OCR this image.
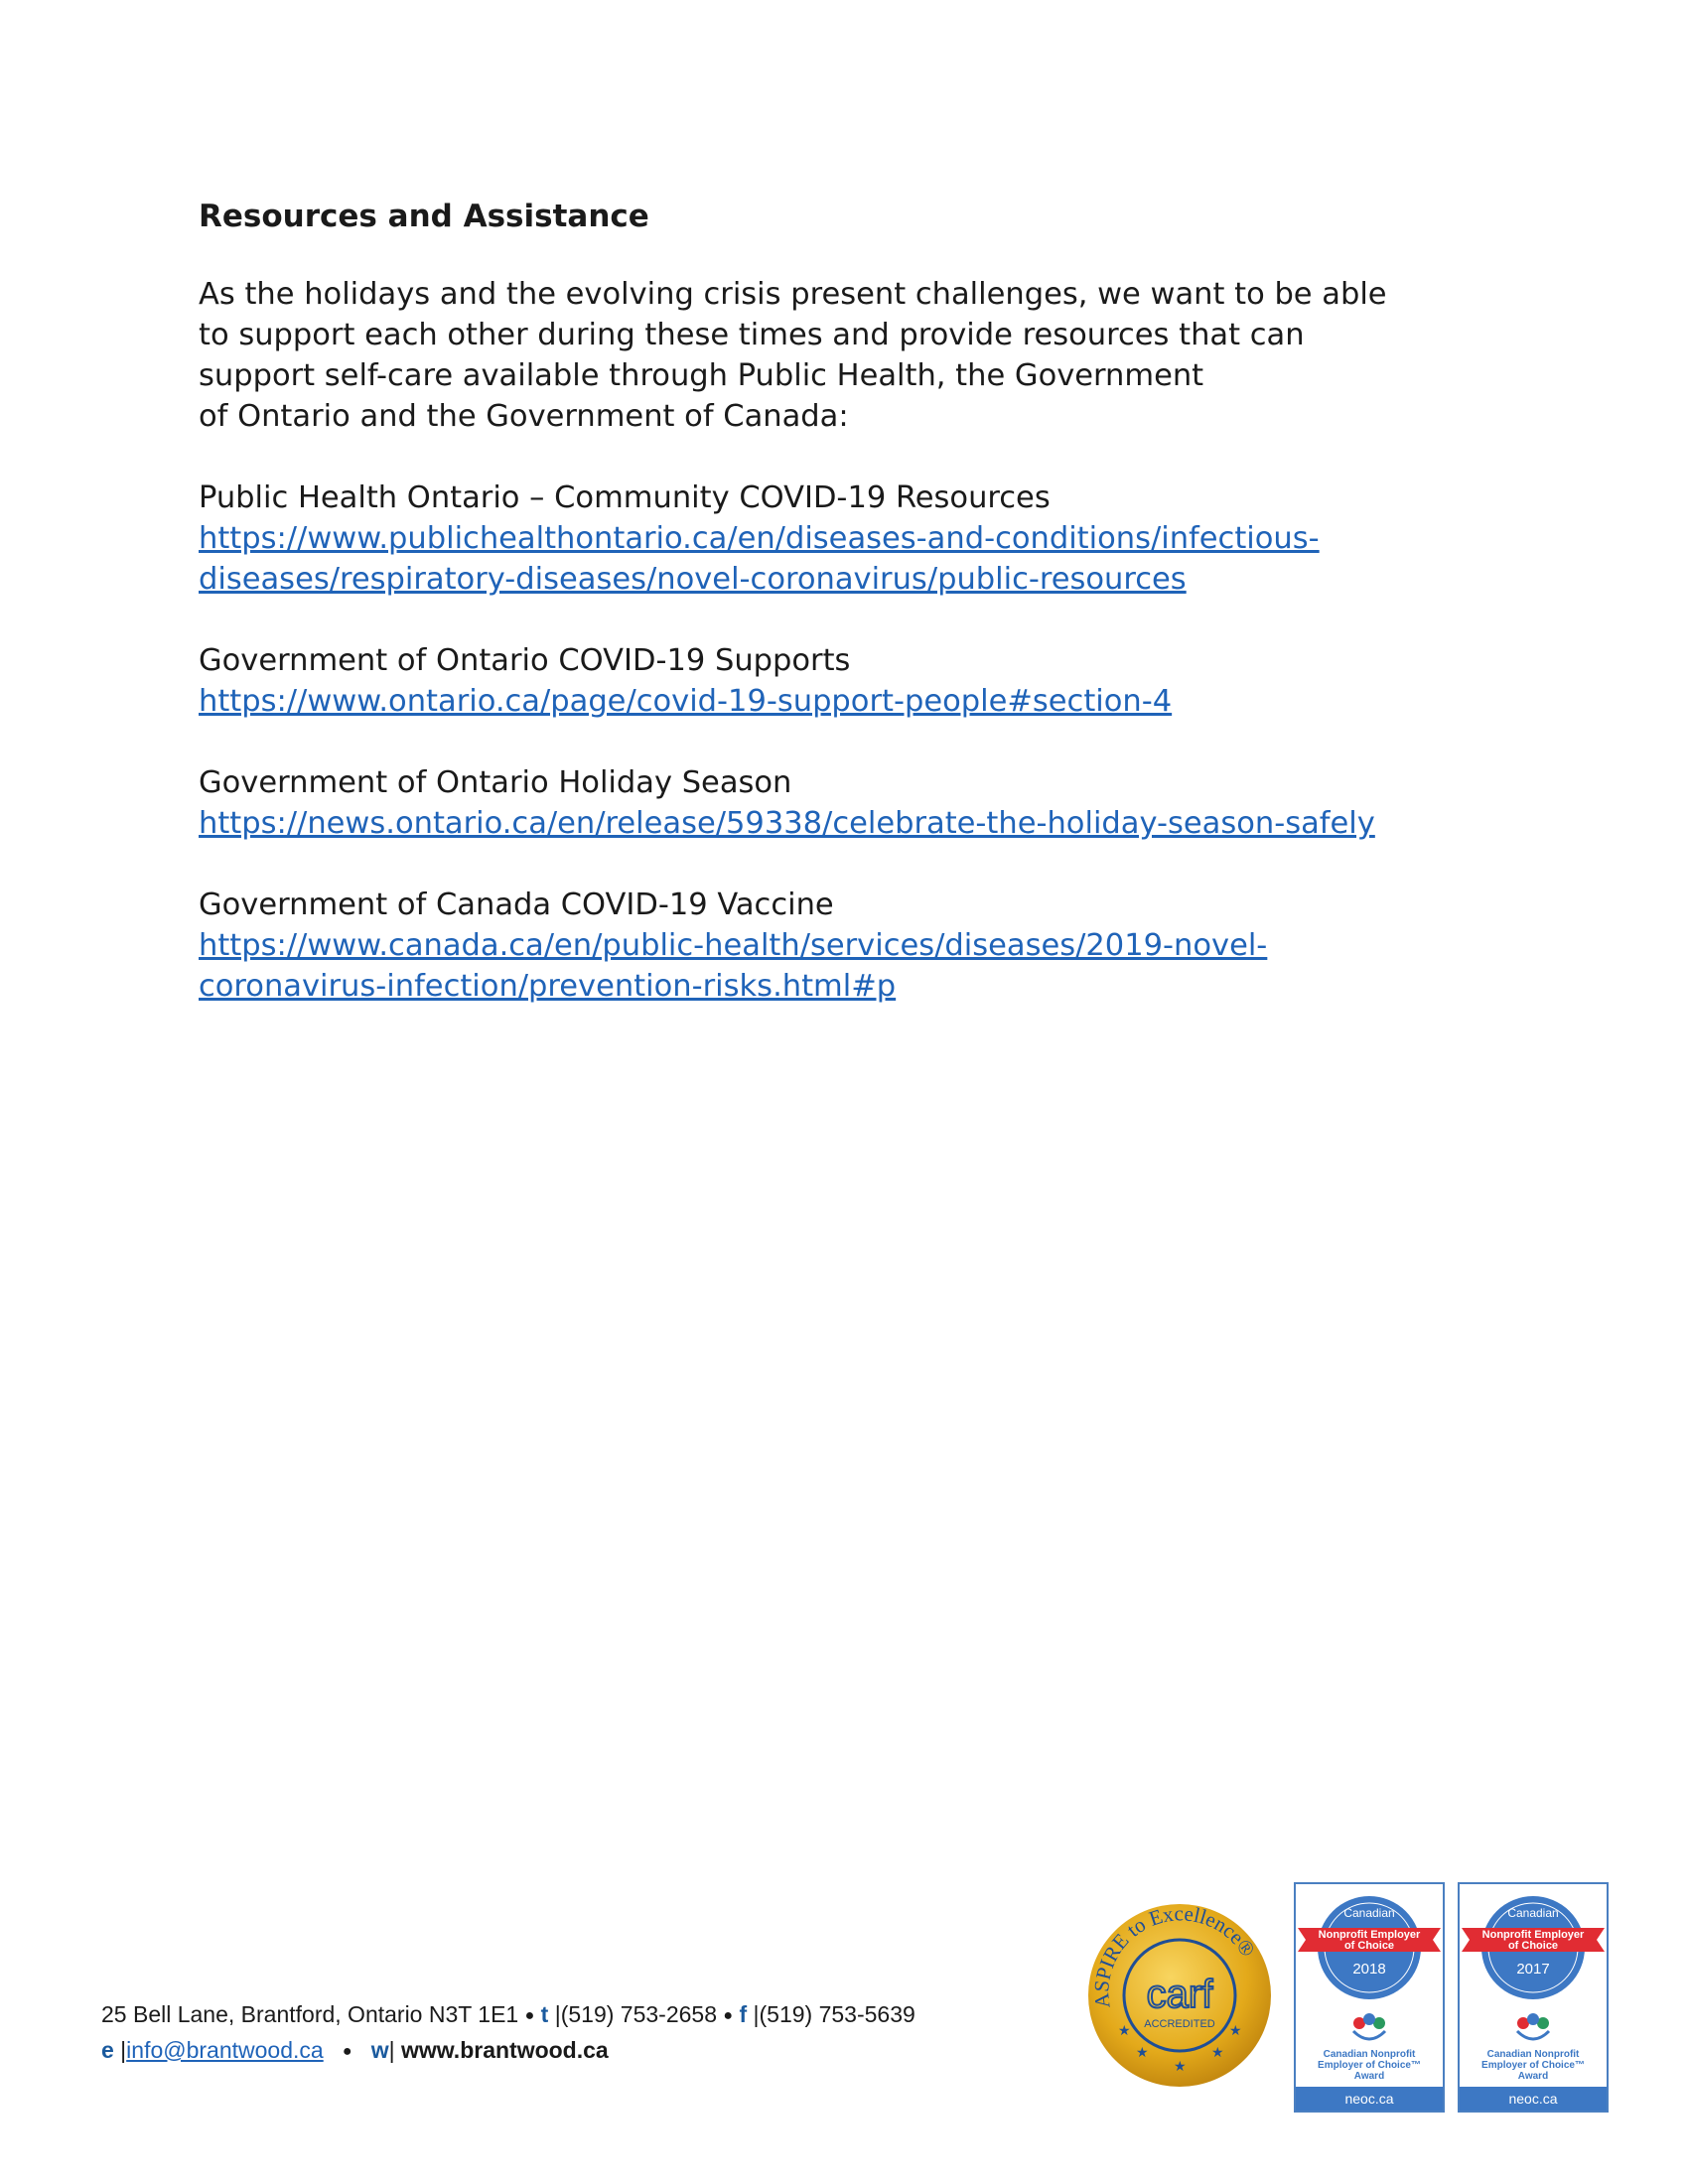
Resources and Assistance

As the holidays and the evolving crisis present challenges, we want to be able
to support each other during these times and provide resources that can
support self-care available through Public Health, the Government
of Ontario and the Government of Canada:

Public Health Ontario – Community COVID-19 Resources
https://www.publichealthontario.ca/en/diseases-and-conditions/infectious-
diseases/respiratory-diseases/novel-coronavirus/public-resources
Government of Ontario COVID-19 Supports
https://www.ontario.ca/page/covid-19-support-people#section-4
Government of Ontario Holiday Season
https://news.ontario.ca/en/release/59338/celebrate-the-holiday-season-safely
Government of Canada COVID-19 Vaccine
https://www.canada.ca/en/public-health/services/diseases/2019-novel-
coronavirus-infection/prevention-risks.html#p
25 Bell Lane, Brantford, Ontario N3T 1E1 ● t |(519) 753-2658 ● f |(519) 753-5639
e |info@brantwood.ca ● w| www.brantwood.ca
ASPIRE to Excellence®
carf
ACCREDITED
★
★
★
★
★
Canadian
Nonprofit Employer
of Choice
2018
Canadian Nonprofit
Employer of Choice™
Award
neoc.ca
Canadian
Nonprofit Employer
of Choice
2017
Canadian Nonprofit
Employer of Choice™
Award
neoc.ca
